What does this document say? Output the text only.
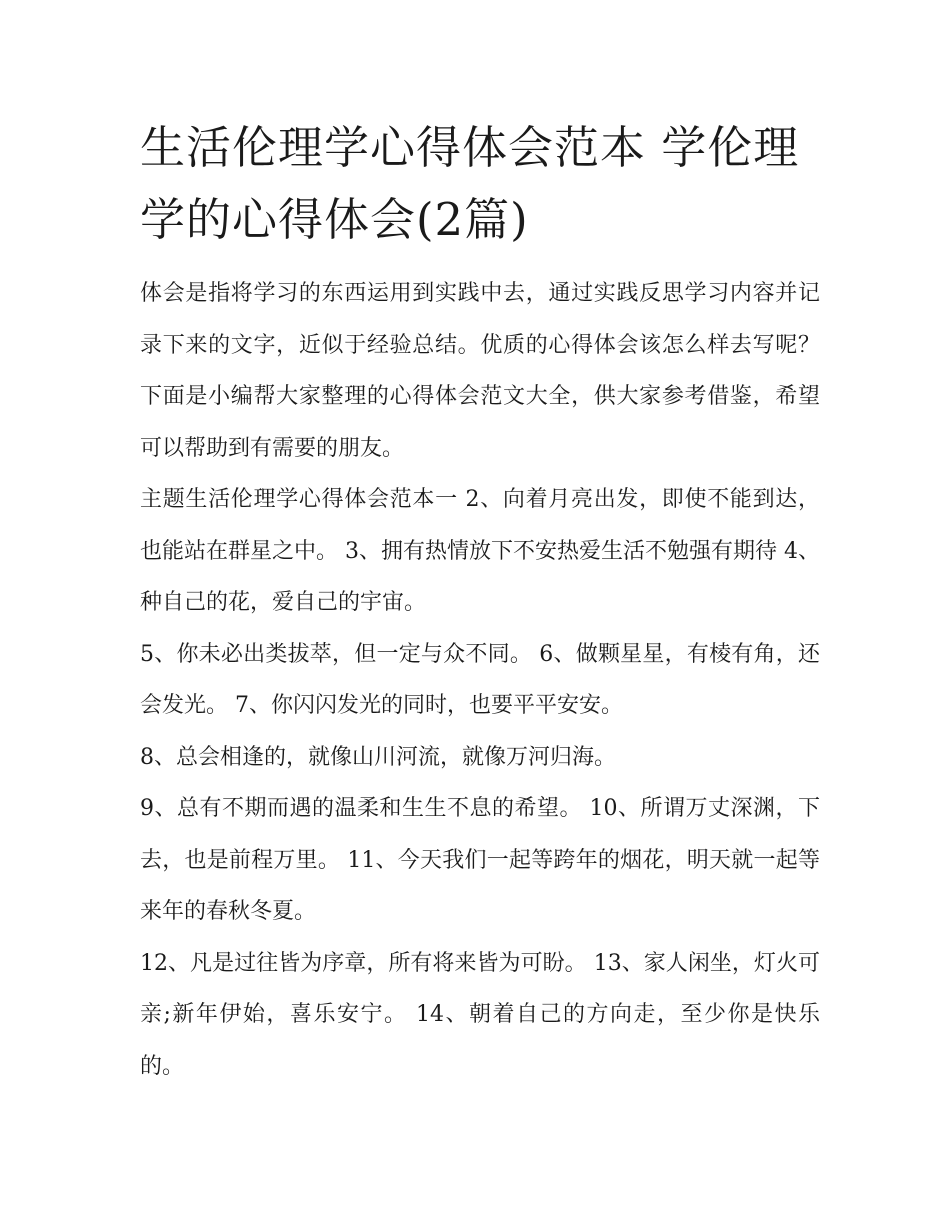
生活伦理学心得体会范本 学伦理学的心得体会(2篇)

体会是指将学习的东西运用到实践中去，通过实践反思学习内容并记录下来的文字，近似于经验总结。优质的心得体会该怎么样去写呢？下面是小编帮大家整理的心得体会范文大全，供大家参考借鉴，希望可以帮助到有需要的朋友。

主题生活伦理学心得体会范本一 2、向着月亮出发，即使不能到达，也能站在群星之中。 3、拥有热情放下不安热爱生活不勉强有期待 4、种自己的花，爱自己的宇宙。

5、你未必出类拔萃，但一定与众不同。 6、做颗星星，有棱有角，还会发光。 7、你闪闪发光的同时，也要平平安安。

8、总会相逢的，就像山川河流，就像万河归海。

9、总有不期而遇的温柔和生生不息的希望。 10、所谓万丈深渊，下去，也是前程万里。 11、今天我们一起等跨年的烟花，明天就一起等来年的春秋冬夏。

12、凡是过往皆为序章，所有将来皆为可盼。 13、家人闲坐，灯火可亲;新年伊始，喜乐安宁。 14、朝着自己的方向走，至少你是快乐的。
